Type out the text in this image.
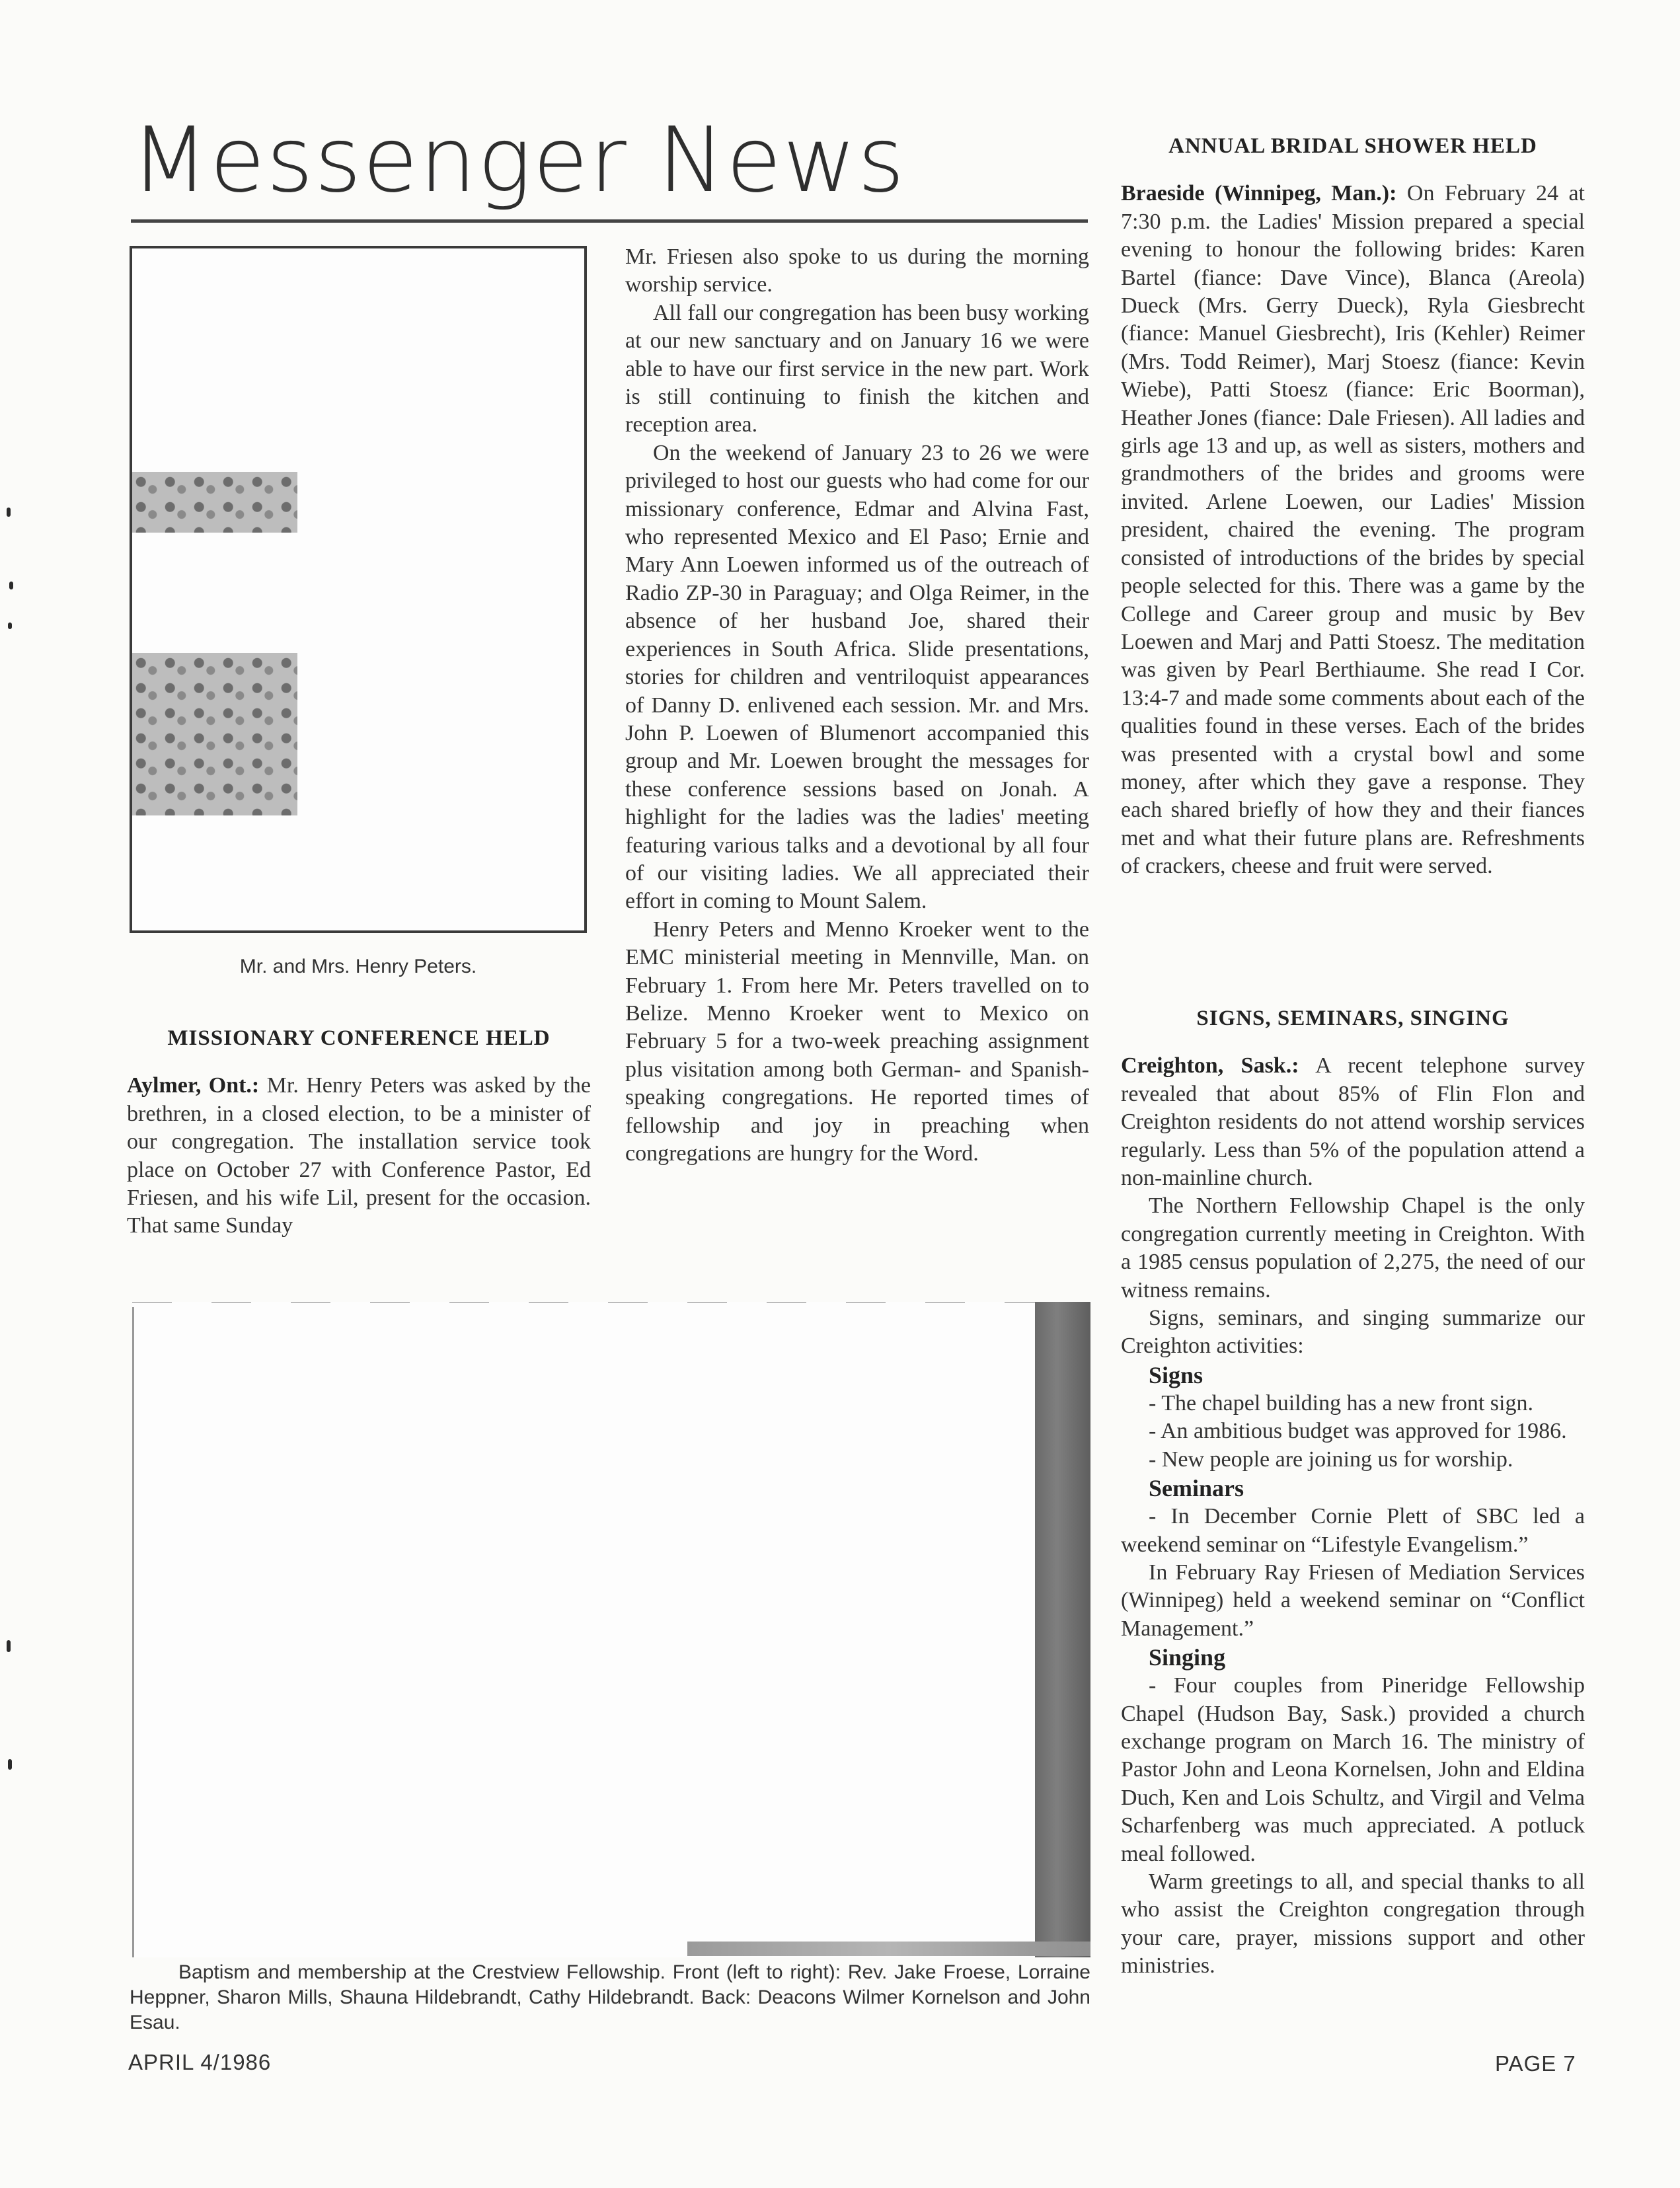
Messenger News
Mr. and Mrs. Henry Peters.
MISSIONARY CONFERENCE HELD

Aylmer, Ont.: Mr. Henry Peters was asked by the brethren, in a closed election, to be a minister of our congregation. The installation service took place on October 27 with Conference Pastor, Ed Friesen, and his wife Lil, present for the occasion. That same Sunday

Mr. Friesen also spoke to us during the morning worship service.

All fall our congregation has been busy working at our new sanctuary and on January 16 we were able to have our first service in the new part. Work is still continuing to finish the kitchen and reception area.

On the weekend of January 23 to 26 we were privileged to host our guests who had come for our missionary conference, Edmar and Alvina Fast, who represented Mexico and El Paso; Ernie and Mary Ann Loewen informed us of the outreach of Radio ZP-30 in Paraguay; and Olga Reimer, in the absence of her husband Joe, shared their experiences in South Africa. Slide presentations, stories for children and ventriloquist appearances of Danny D. enlivened each session. Mr. and Mrs. John P. Loewen of Blumenort accompanied this group and Mr. Loewen brought the messages for these conference sessions based on Jonah. A highlight for the ladies was the ladies' meeting featuring various talks and a devotional by all four of our visiting ladies. We all appreciated their effort in coming to Mount Salem.

Henry Peters and Menno Kroeker went to the EMC ministerial meeting in Mennville, Man. on February 1. From here Mr. Peters travelled on to Belize. Menno Kroeker went to Mexico on February 5 for a two-week preaching assignment plus visitation among both German- and Spanish-speaking congregations. He reported times of fellowship and joy in preaching when congregations are hungry for the Word.

ANNUAL BRIDAL SHOWER HELD

Braeside (Winnipeg, Man.): On February 24 at 7:30 p.m. the Ladies' Mission prepared a special evening to honour the following brides: Karen Bartel (fiance: Dave Vince), Blanca (Areola) Dueck (Mrs. Gerry Dueck), Ryla Giesbrecht (fiance: Manuel Giesbrecht), Iris (Kehler) Reimer (Mrs. Todd Reimer), Marj Stoesz (fiance: Kevin Wiebe), Patti Stoesz (fiance: Eric Boorman), Heather Jones (fiance: Dale Friesen). All ladies and girls age 13 and up, as well as sisters, mothers and grandmothers of the brides and grooms were invited. Arlene Loewen, our Ladies' Mission president, chaired the evening. The program consisted of introductions of the brides by special people selected for this. There was a game by the College and Career group and music by Bev Loewen and Marj and Patti Stoesz. The meditation was given by Pearl Berthiaume. She read I Cor. 13:4-7 and made some comments about each of the qualities found in these verses. Each of the brides was presented with a crystal bowl and some money, after which they gave a response. They each shared briefly of how they and their fiances met and what their future plans are. Refreshments of crackers, cheese and fruit were served.

SIGNS, SEMINARS, SINGING

Creighton, Sask.: A recent telephone survey revealed that about 85% of Flin Flon and Creighton residents do not attend worship services regularly. Less than 5% of the population attend a non-mainline church.

The Northern Fellowship Chapel is the only congregation currently meeting in Creighton. With a 1985 census population of 2,275, the need of our witness remains.

Signs, seminars, and singing summarize our Creighton activities:

Signs

- The chapel building has a new front sign.

- An ambitious budget was approved for 1986.

- New people are joining us for worship.

Seminars

- In December Cornie Plett of SBC led a weekend seminar on “Lifestyle Evangelism.”

In February Ray Friesen of Mediation Services (Winnipeg) held a weekend seminar on “Conflict Management.”

Singing

- Four couples from Pineridge Fellowship Chapel (Hudson Bay, Sask.) provided a church exchange program on March 16. The ministry of Pastor John and Leona Kornelsen, John and Eldina Duch, Ken and Lois Schultz, and Virgil and Velma Scharfenberg was much appreciated. A potluck meal followed.

Warm greetings to all, and special thanks to all who assist the Creighton congregation through your care, prayer, missions support and other ministries.

Baptism and membership at the Crestview Fellowship. Front (left to right): Rev. Jake Froese, Lorraine Heppner, Sharon Mills, Shauna Hildebrandt, Cathy Hildebrandt. Back: Deacons Wilmer Kornelson and John Esau.
APRIL 4/1986	PAGE 7
